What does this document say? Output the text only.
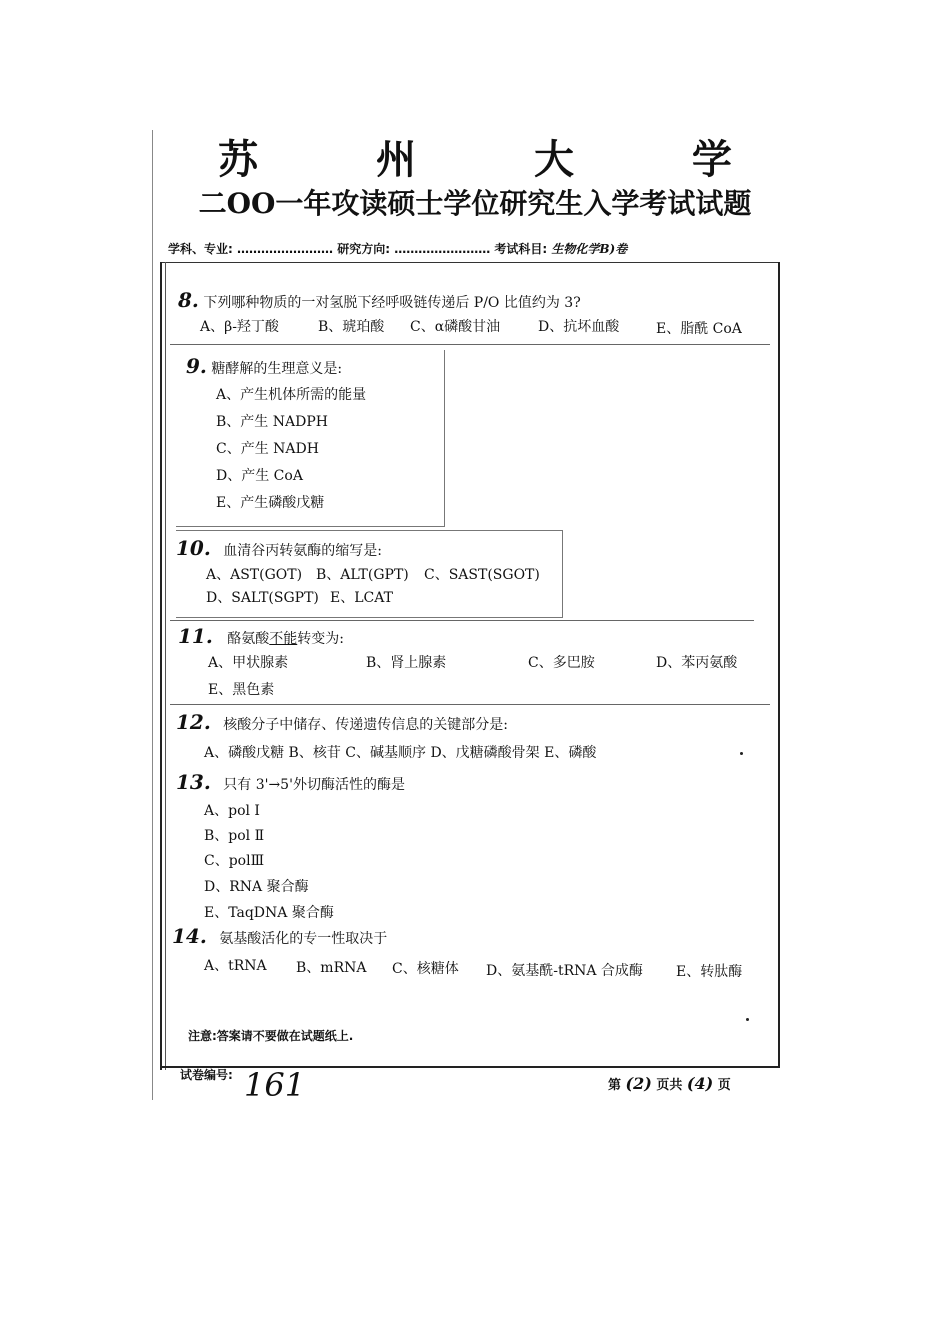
苏 州 大 学
二OO一年攻读硕士学位研究生入学考试试题
学科、专业: …………………… 研究方向: …………………… 考试科目: 生物化学B)卷
8. 下列哪种物质的一对氢脱下经呼吸链传递后 P/O 比值约为 3?
A、β-羟丁酸	B、琥珀酸 C、α磷酸甘油	D、抗坏血酸	E、脂酰 CoA
9. 糖酵解的生理意义是:
A、产生机体所需的能量
B、产生 NADPH
C、产生 NADH
D、产生 CoA
E、产生磷酸戊糖
10. 血清谷丙转氨酶的缩写是:
A、AST(GOT) B、ALT(GPT) C、SAST(SGOT)
D、SALT(SGPT) E、LCAT
11. 酪氨酸不能转变为:
A、甲状腺素	B、肾上腺素	C、多巴胺	D、苯丙氨酸
E、黑色素
12. 核酸分子中储存、传递遗传信息的关键部分是:
A、磷酸戊糖 B、核苷 C、碱基顺序 D、戊糖磷酸骨架 E、磷酸
13. 只有 3'→5'外切酶活性的酶是
A、pol Ⅰ
B、pol Ⅱ
C、polⅢ
D、RNA 聚合酶
E、TaqDNA 聚合酶
14. 氨基酸活化的专一性取决于
A、tRNA B、mRNA C、核糖体 D、氨基酰-tRNA 合成酶 E、转肽酶
注意:答案请不要做在试题纸上.
试卷编号: 161	第 (2) 页共 (4) 页
